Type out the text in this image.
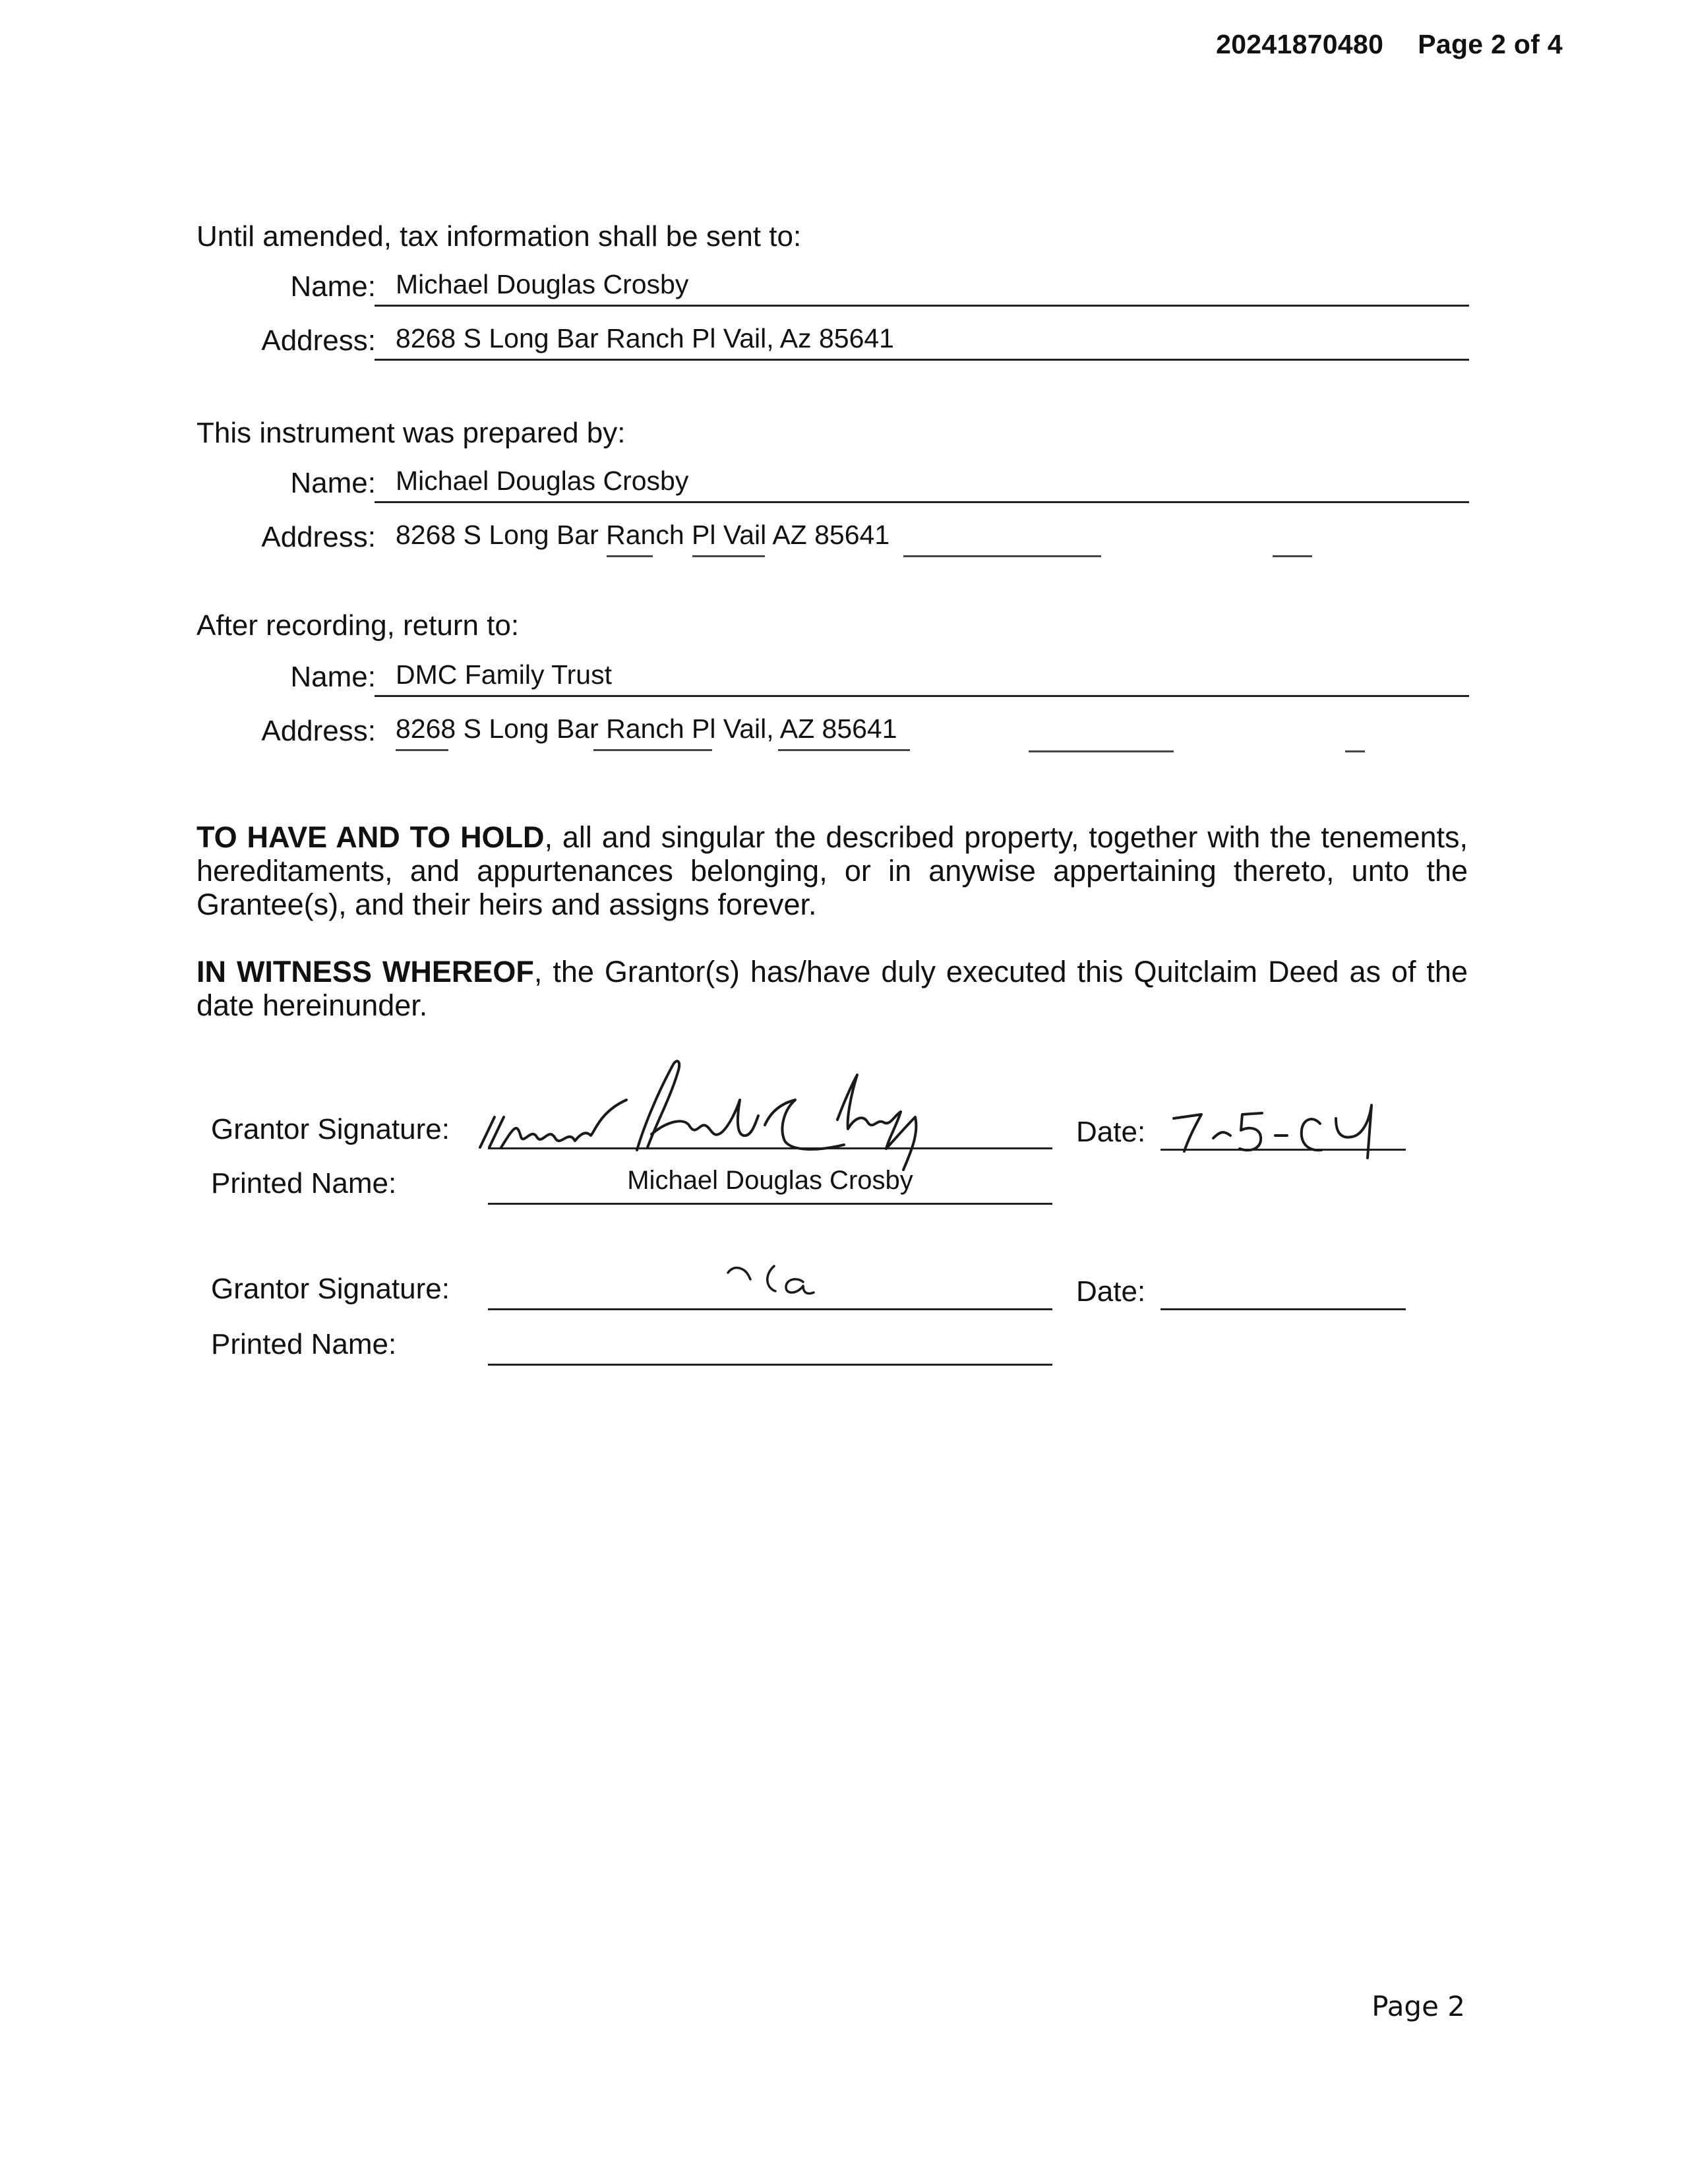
20241870480 Page 2 of 4
Until amended, tax information shall be sent to:
Name: Michael Douglas Crosby
Address: 8268 S Long Bar Ranch Pl Vail, Az 85641
This instrument was prepared by:
Name: Michael Douglas Crosby
Address: 8268 S Long Bar Ranch Pl Vail AZ 85641
After recording, return to:
Name: DMC Family Trust
Address: 8268 S Long Bar Ranch Pl Vail, AZ 85641
TO HAVE AND TO HOLD, all and singular the described property, together with the tenements, hereditaments, and appurtenances belonging, or in anywise appertaining thereto, unto the Grantee(s), and their heirs and assigns forever.
IN WITNESS WHEREOF, the Grantor(s) has/have duly executed this Quitclaim Deed as of the date hereinunder.
Grantor Signature:	Date:
Printed Name:	Michael Douglas Crosby
Grantor Signature:	Date:
Printed Name:
Page 2
